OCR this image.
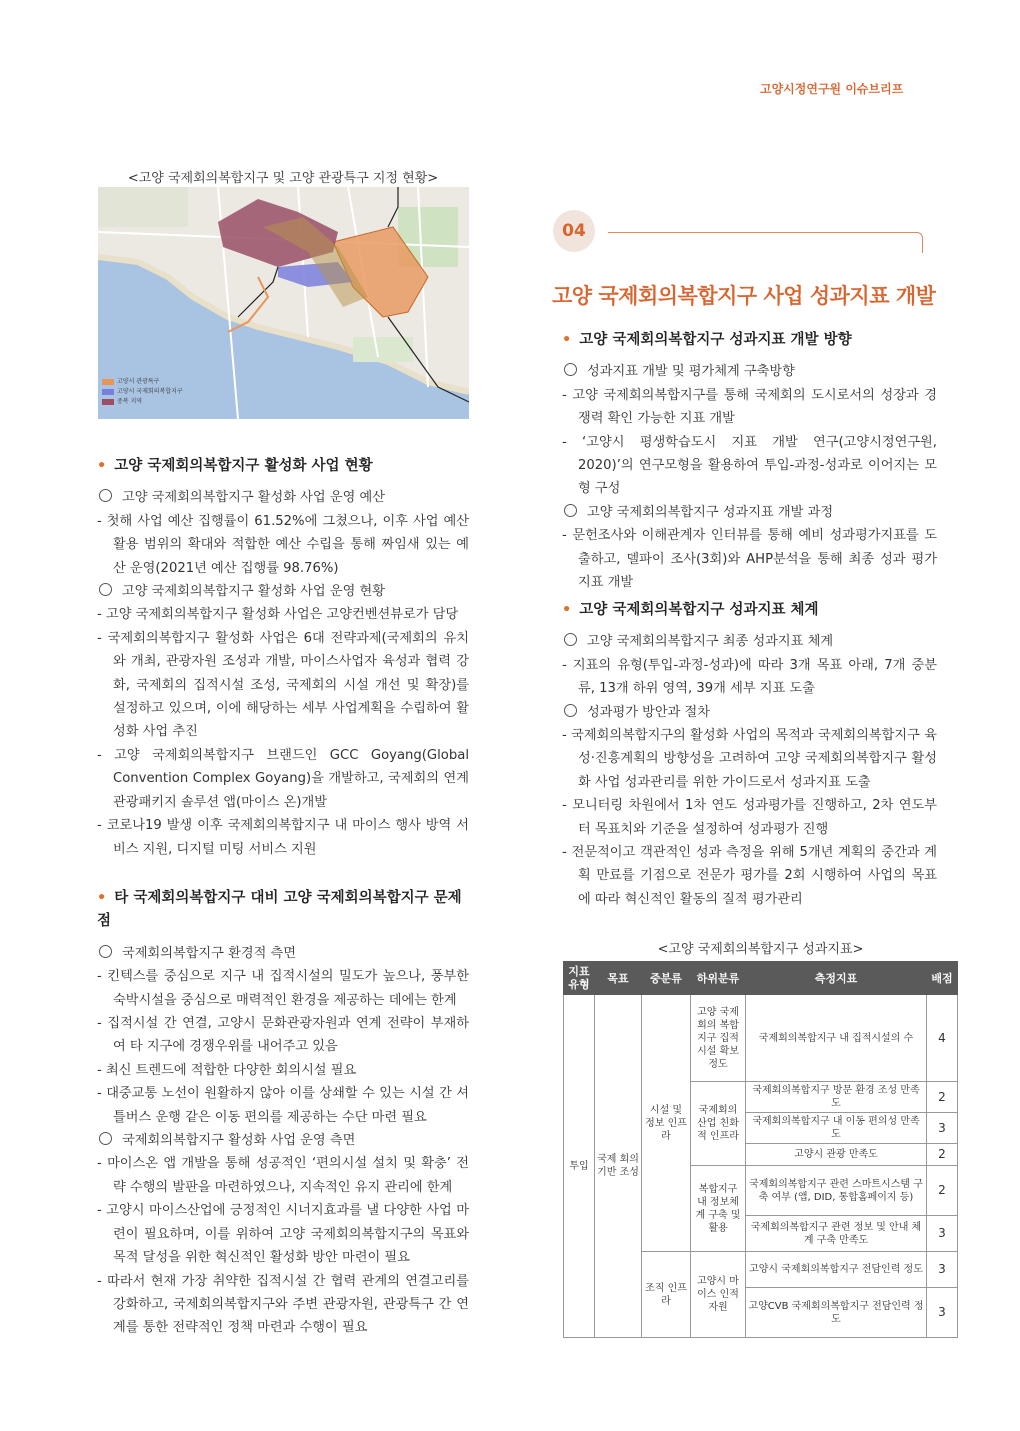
고양시정연구원 이슈브리프

<고양 국제회의복합지구 및 고양 관광특구 지정 현황>

고양시 관광특구
고양시 국제회의복합지구
중복 지역

• 고양 국제회의복합지구 활성화 사업 현황

고양 국제회의복합지구 활성화 사업 운영 예산

- 첫해 사업 예산 집행률이 61.52%에 그쳤으나, 이후 사업 예산 활용 범위의 확대와 적합한 예산 수립을 통해 짜임새 있는 예산 운영(2021년 예산 집행률 98.76%)

고양 국제회의복합지구 활성화 사업 운영 현황

- 고양 국제회의복합지구 활성화 사업은 고양컨벤션뷰로가 담당

- 국제회의복합지구 활성화 사업은 6대 전략과제(국제회의 유치와 개최, 관광자원 조성과 개발, 마이스사업자 육성과 협력 강화, 국제회의 집적시설 조성, 국제회의 시설 개선 및 확장)를 설정하고 있으며, 이에 해당하는 세부 사업계획을 수립하여 활성화 사업 추진

- 고양 국제회의복합지구 브랜드인 GCC Goyang(Global Convention Complex Goyang)을 개발하고, 국제회의 연계 관광패키지 솔루션 앱(마이스 온)개발

- 코로나19 발생 이후 국제회의복합지구 내 마이스 행사 방역 서비스 지원, 디지털 미팅 서비스 지원

• 타 국제회의복합지구 대비 고양 국제회의복합지구 문제점

국제회의복합지구 환경적 측면

- 킨텍스를 중심으로 지구 내 집적시설의 밀도가 높으나, 풍부한 숙박시설을 중심으로 매력적인 환경을 제공하는 데에는 한계

- 집적시설 간 연결, 고양시 문화관광자원과 연계 전략이 부재하여 타 지구에 경쟁우위를 내어주고 있음

- 최신 트렌드에 적합한 다양한 회의시설 필요

- 대중교통 노선이 원활하지 않아 이를 상쇄할 수 있는 시설 간 셔틀버스 운행 같은 이동 편의를 제공하는 수단 마련 필요

국제회의복합지구 활성화 사업 운영 측면

- 마이스온 앱 개발을 통해 성공적인 ‘편의시설 설치 및 확충’ 전략 수행의 발판을 마련하였으나, 지속적인 유지 관리에 한계

- 고양시 마이스산업에 긍정적인 시너지효과를 낼 다양한 사업 마련이 필요하며, 이를 위하여 고양 국제회의복합지구의 목표와 목적 달성을 위한 혁신적인 활성화 방안 마련이 필요

- 따라서 현재 가장 취약한 집적시설 간 협력 관계의 연결고리를 강화하고, 국제회의복합지구와 주변 관광자원, 관광특구 간 연계를 통한 전략적인 정책 마련과 수행이 필요

04
고양 국제회의복합지구 사업 성과지표 개발

• 고양 국제회의복합지구 성과지표 개발 방향

성과지표 개발 및 평가체계 구축방향

- 고양 국제회의복합지구를 통해 국제회의 도시로서의 성장과 경쟁력 확인 가능한 지표 개발

- ‘고양시 평생학습도시 지표 개발 연구(고양시정연구원, 2020)’의 연구모형을 활용하여 투입-과정-성과로 이어지는 모형 구성

고양 국제회의복합지구 성과지표 개발 과정

- 문헌조사와 이해관계자 인터뷰를 통해 예비 성과평가지표를 도출하고, 델파이 조사(3회)와 AHP분석을 통해 최종 성과 평가지표 개발

• 고양 국제회의복합지구 성과지표 체계

고양 국제회의복합지구 최종 성과지표 체계

- 지표의 유형(투입-과정-성과)에 따라 3개 목표 아래, 7개 중분류, 13개 하위 영역, 39개 세부 지표 도출

성과평가 방안과 절차

- 국제회의복합지구의 활성화 사업의 목적과 국제회의복합지구 육성·진흥계획의 방향성을 고려하여 고양 국제회의복합지구 활성화 사업 성과관리를 위한 가이드로서 성과지표 도출

- 모니터링 차원에서 1차 연도 성과평가를 진행하고, 2차 연도부터 목표치와 기준을 설정하여 성과평가 진행

- 전문적이고 객관적인 성과 측정을 위해 5개년 계획의 중간과 계획 만료를 기점으로 전문가 평가를 2회 시행하여 사업의 목표에 따라 혁신적인 활동의 질적 평가관리

<고양 국제회의복합지구 성과지표>

지표 유형	목표	중분류	하위분류	측정지표	배점
투입	국제 회의 기반 조성	시설 및 정보 인프라	고양 국제회의 복합지구 집적 시설 확보 정도	국제회의복합지구 내 집적시설의 수	4
			국제회의 산업 친화적 인프라	국제회의복합지구 방문 환경 조성 만족도	2
				국제회의복합지구 내 이동 편의성 만족도	3
				고양시 관광 만족도	2
			복합지구 내 정보체계 구축 및 활용	국제회의복합지구 관련 스마트시스템 구축 여부 (앱, DID, 통합홈페이지 등)	2
				국제회의복합지구 관련 정보 및 안내 체계 구축 만족도	3
		조직 인프라	고양시 마이스 인적자원	고양시 국제회의복합지구 전담인력 정도	3
				고양CVB 국제회의복합지구 전담인력 정도	3
